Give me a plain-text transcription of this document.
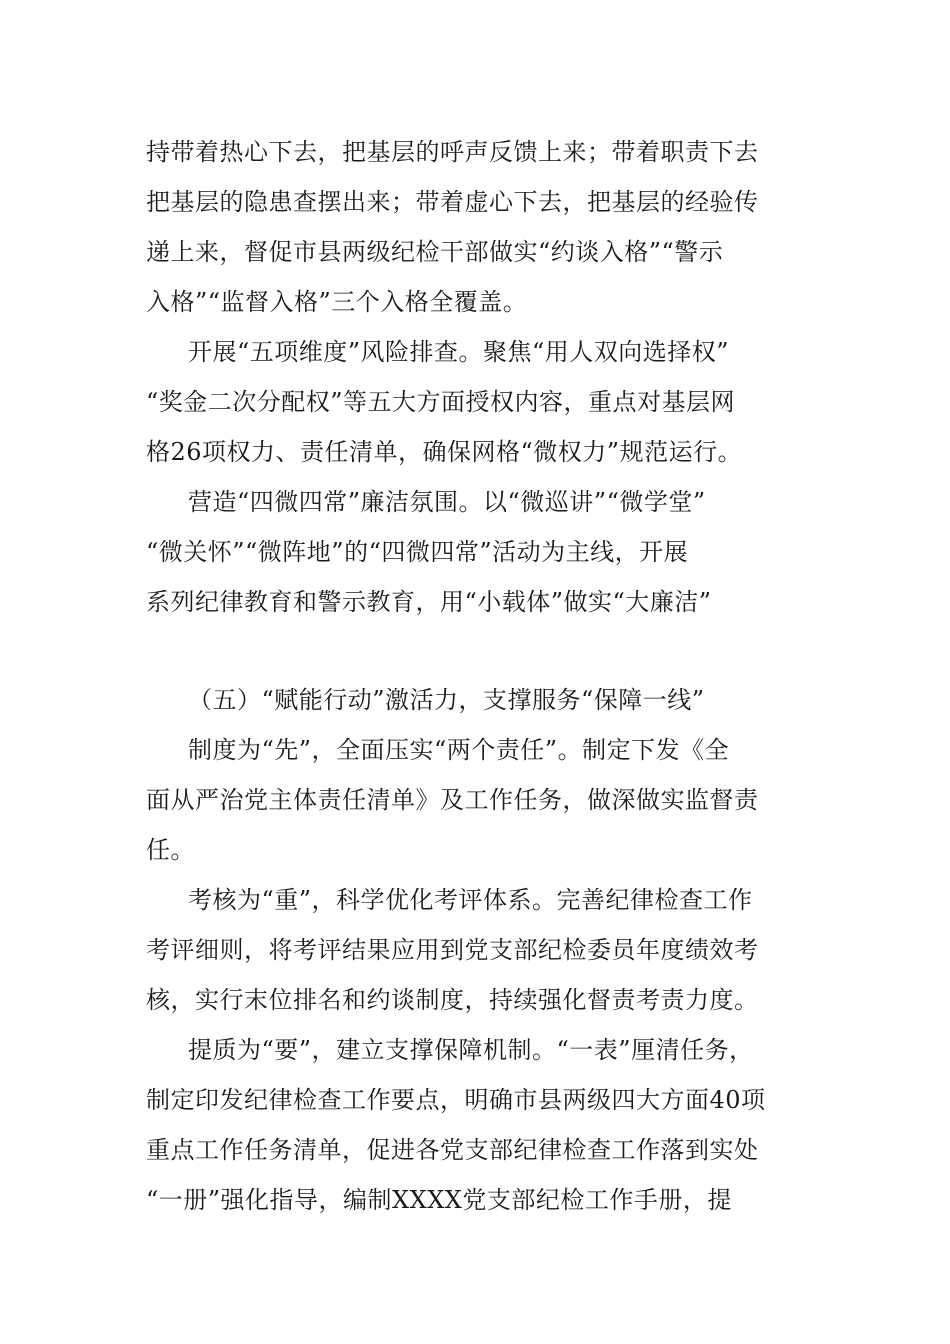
持带着热心下去，把基层的呼声反馈上来；带着职责下去
把基层的隐患查摆出来；带着虚心下去，把基层的经验传
递上来，督促市县两级纪检干部做实“约谈入格”“警示
入格”“监督入格”三个入格全覆盖。
开展“五项维度”风险排查。聚焦“用人双向选择权”
“奖金二次分配权”等五大方面授权内容，重点对基层网
格26项权力、责任清单，确保网格“微权力”规范运行。
营造“四微四常”廉洁氛围。以“微巡讲”“微学堂”
“微关怀”“微阵地”的“四微四常”活动为主线，开展
系列纪律教育和警示教育，用“小载体”做实“大廉洁”
（五）“赋能行动”激活力，支撑服务“保障一线”
制度为“先”，全面压实“两个责任”。制定下发《全
面从严治党主体责任清单》及工作任务，做深做实监督责
任。
考核为“重”，科学优化考评体系。完善纪律检查工作
考评细则，将考评结果应用到党支部纪检委员年度绩效考
核，实行末位排名和约谈制度，持续强化督责考责力度。
提质为“要”，建立支撑保障机制。“一表”厘清任务，
制定印发纪律检查工作要点，明确市县两级四大方面40项
重点工作任务清单，促进各党支部纪律检查工作落到实处
“一册”强化指导，编制XXXX党支部纪检工作手册，提
